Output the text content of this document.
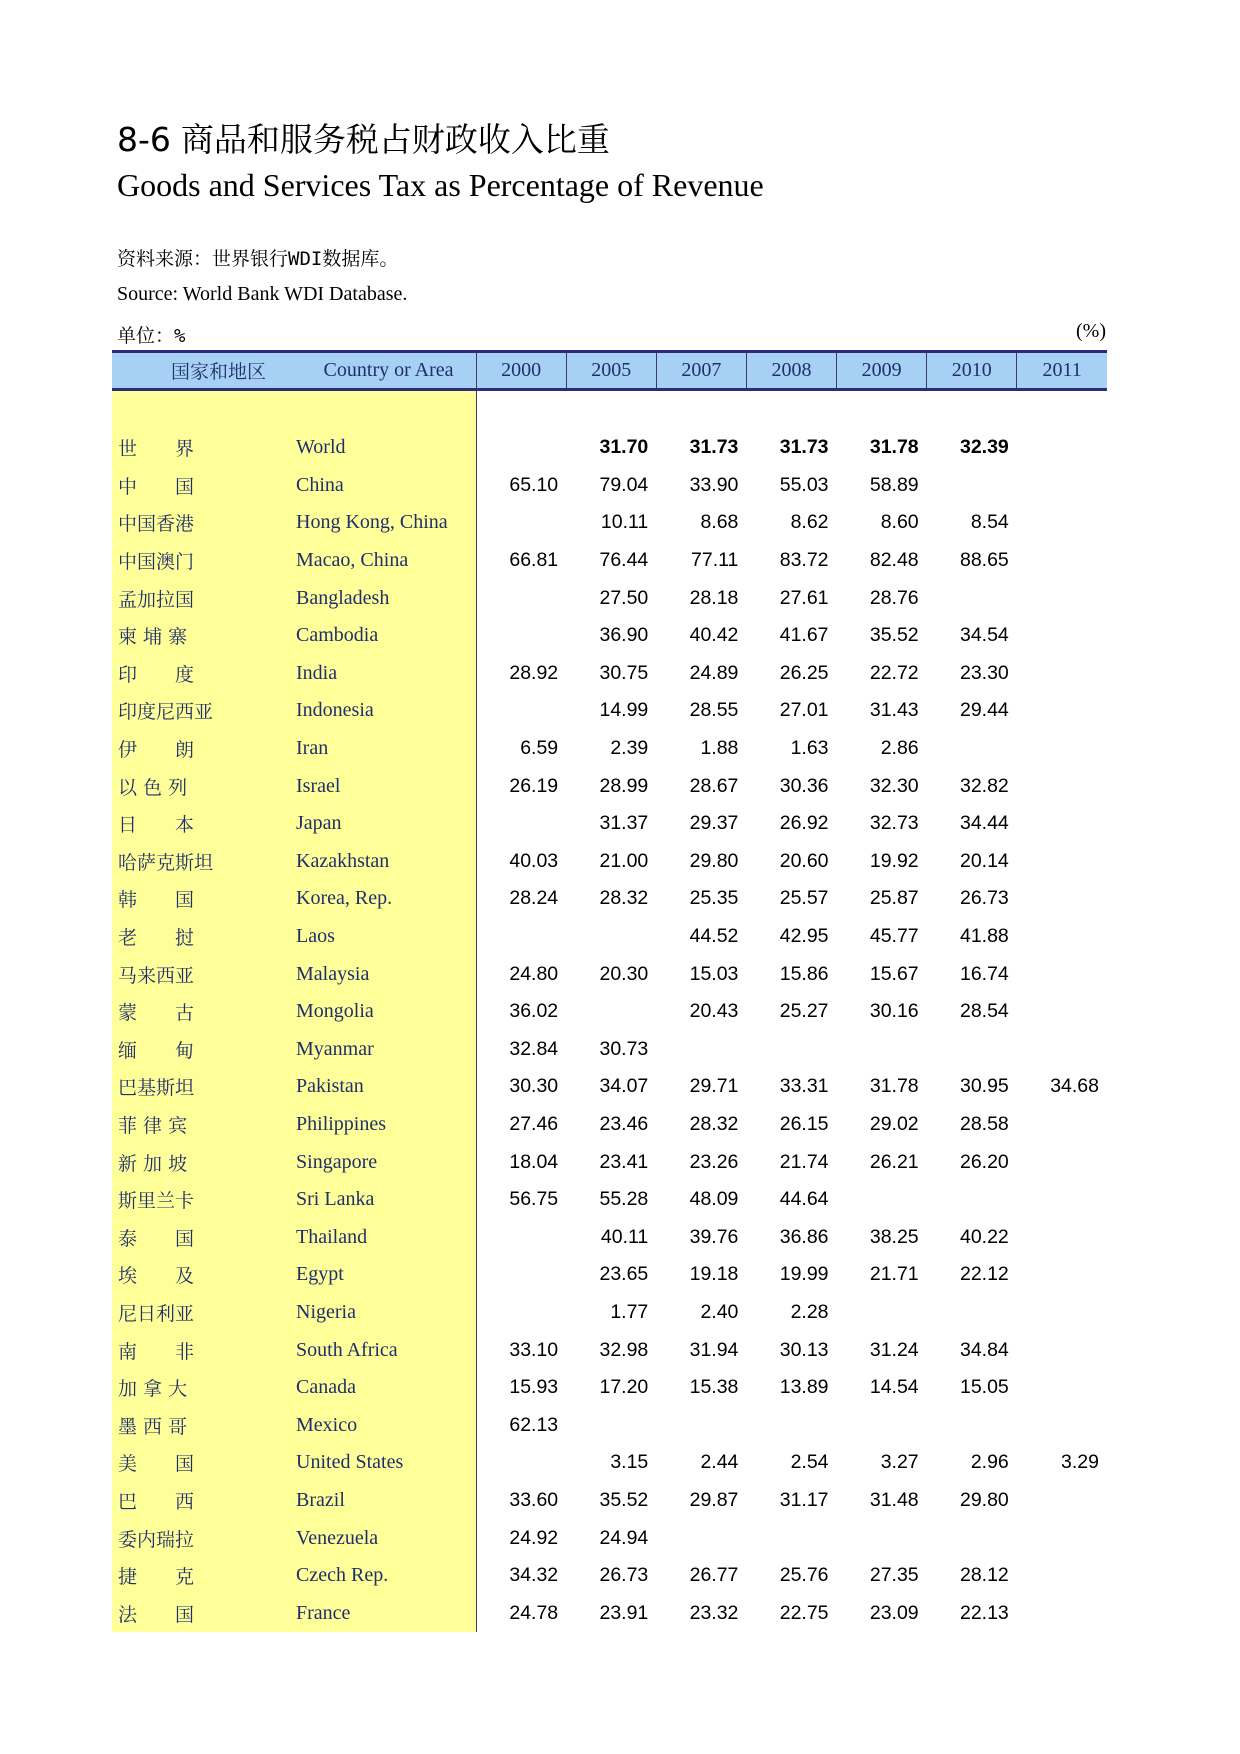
8-6 商品和服务税占财政收入比重
Goods and Services Tax as Percentage of Revenue
资料来源：世界银行WDI数据库。
Source: World Bank WDI Database.
单位：%	(%)
国家和地区	Country or Area	2000	2005	2007	2008	2009	2010	2011

世　　界	World		31.70	31.73	31.73	31.78	32.39	
中　　国	China	65.10	79.04	33.90	55.03	58.89		
中国香港	Hong Kong, China		10.11	8.68	8.62	8.60	8.54	
中国澳门	Macao, China	66.81	76.44	77.11	83.72	82.48	88.65	
孟加拉国	Bangladesh		27.50	28.18	27.61	28.76		
柬 埔 寨	Cambodia		36.90	40.42	41.67	35.52	34.54	
印　　度	India	28.92	30.75	24.89	26.25	22.72	23.30	
印度尼西亚	Indonesia		14.99	28.55	27.01	31.43	29.44	
伊　　朗	Iran	6.59	2.39	1.88	1.63	2.86		
以 色 列	Israel	26.19	28.99	28.67	30.36	32.30	32.82	
日　　本	Japan		31.37	29.37	26.92	32.73	34.44	
哈萨克斯坦	Kazakhstan	40.03	21.00	29.80	20.60	19.92	20.14	
韩　　国	Korea, Rep.	28.24	28.32	25.35	25.57	25.87	26.73	
老　　挝	Laos			44.52	42.95	45.77	41.88	
马来西亚	Malaysia	24.80	20.30	15.03	15.86	15.67	16.74	
蒙　　古	Mongolia	36.02		20.43	25.27	30.16	28.54	
缅　　甸	Myanmar	32.84	30.73					
巴基斯坦	Pakistan	30.30	34.07	29.71	33.31	31.78	30.95	34.68
菲 律 宾	Philippines	27.46	23.46	28.32	26.15	29.02	28.58	
新 加 坡	Singapore	18.04	23.41	23.26	21.74	26.21	26.20	
斯里兰卡	Sri Lanka	56.75	55.28	48.09	44.64			
泰　　国	Thailand		40.11	39.76	36.86	38.25	40.22	
埃　　及	Egypt		23.65	19.18	19.99	21.71	22.12	
尼日利亚	Nigeria		1.77	2.40	2.28			
南　　非	South Africa	33.10	32.98	31.94	30.13	31.24	34.84	
加 拿 大	Canada	15.93	17.20	15.38	13.89	14.54	15.05	
墨 西 哥	Mexico	62.13						
美　　国	United States		3.15	2.44	2.54	3.27	2.96	3.29
巴　　西	Brazil	33.60	35.52	29.87	31.17	31.48	29.80	
委内瑞拉	Venezuela	24.92	24.94					
捷　　克	Czech Rep.	34.32	26.73	26.77	25.76	27.35	28.12	
法　　国	France	24.78	23.91	23.32	22.75	23.09	22.13	
